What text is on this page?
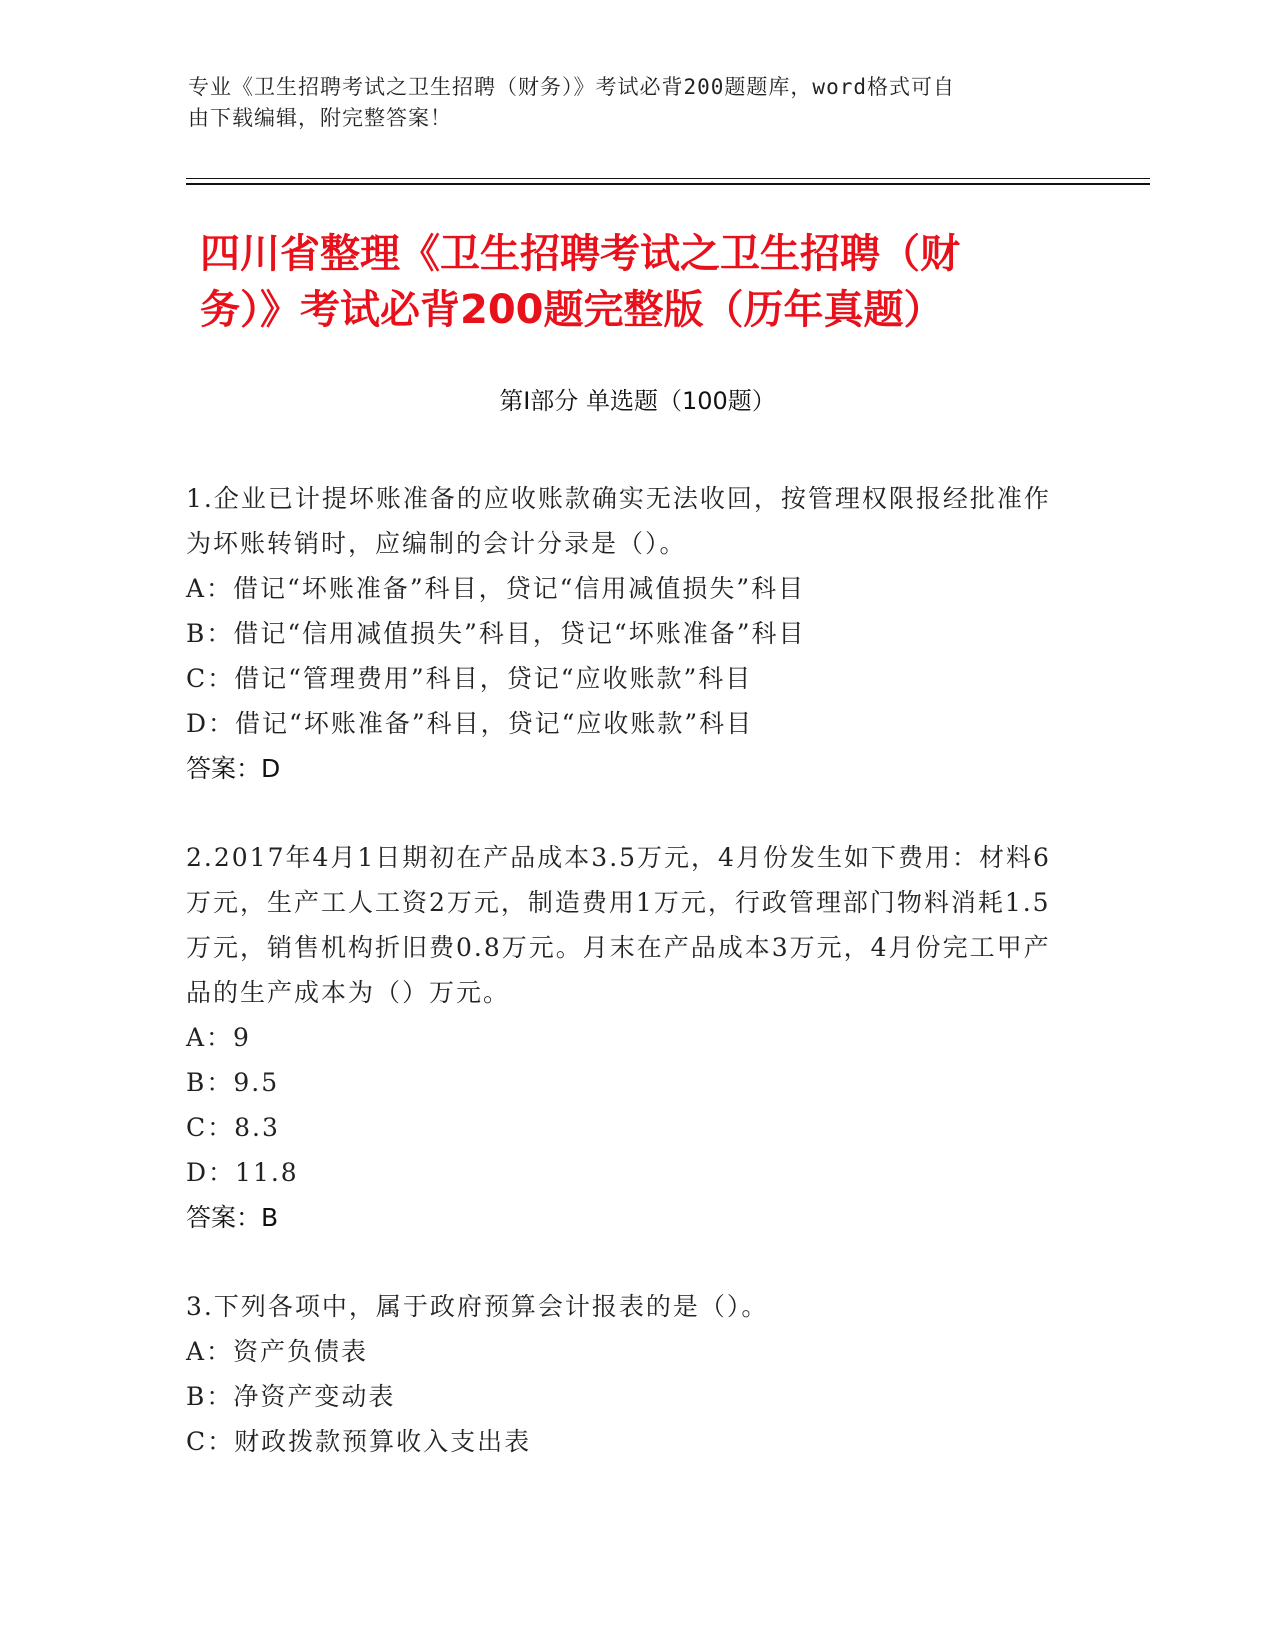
专业《卫生招聘考试之卫生招聘（财务）》考试必背200题题库，word格式可自
由下载编辑，附完整答案！
四川省整理《卫生招聘考试之卫生招聘（财
务）》考试必背200题完整版（历年真题）
第Ⅰ部分 单选题（100题）
1.企业已计提坏账准备的应收账款确实无法收回，按管理权限报经批准作为坏账转销时，应编制的会计分录是（）。
A：借记“坏账准备”科目，贷记“信用减值损失”科目
B：借记“信用减值损失”科目，贷记“坏账准备”科目
C：借记“管理费用”科目，贷记“应收账款”科目
D：借记“坏账准备”科目，贷记“应收账款”科目
答案：D
2.2017年4月1日期初在产品成本3.5万元，4月份发生如下费用：材料6万元，生产工人工资2万元，制造费用1万元，行政管理部门物料消耗1.5万元，销售机构折旧费0.8万元。月末在产品成本3万元，4月份完工甲产品的生产成本为（）万元。
A：9
B：9.5
C：8.3
D：11.8
答案：B
3.下列各项中，属于政府预算会计报表的是（）。
A：资产负债表
B：净资产变动表
C：财政拨款预算收入支出表
